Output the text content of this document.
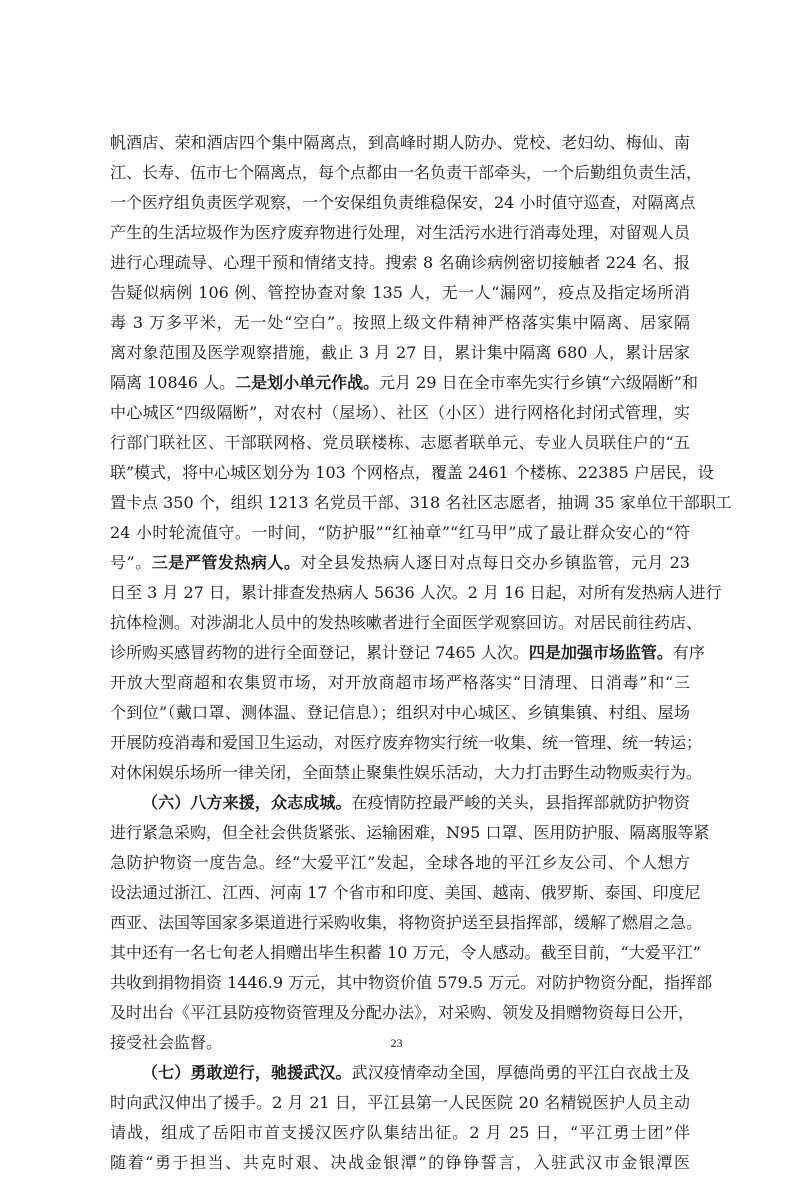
帆酒店、荣和酒店四个集中隔离点，到高峰时期人防办、党校、老妇幼、梅仙、南
江、长寿、伍市七个隔离点，每个点都由一名负责干部牵头，一个后勤组负责生活，
一个医疗组负责医学观察，一个安保组负责维稳保安，24 小时值守巡查，对隔离点
产生的生活垃圾作为医疗废弃物进行处理，对生活污水进行消毒处理，对留观人员
进行心理疏导、心理干预和情绪支持。搜索 8 名确诊病例密切接触者 224 名、报
告疑似病例 106 例、管控协查对象 135 人，无一人“漏网”，疫点及指定场所消
毒 3 万多平米，无一处“空白”。按照上级文件精神严格落实集中隔离、居家隔
离对象范围及医学观察措施，截止 3 月 27 日，累计集中隔离 680 人，累计居家
隔离 10846 人。二是划小单元作战。元月 29 日在全市率先实行乡镇“六级隔断”和
中心城区“四级隔断”，对农村（屋场）、社区（小区）进行网格化封闭式管理，实
行部门联社区、干部联网格、党员联楼栋、志愿者联单元、专业人员联住户的“五
联”模式，将中心城区划分为 103 个网格点，覆盖 2461 个楼栋、22385 户居民，设
置卡点 350 个，组织 1213 名党员干部、318 名社区志愿者，抽调 35 家单位干部职工
24 小时轮流值守。一时间，“防护服”“红袖章”“红马甲”成了最让群众安心的“符
号”。三是严管发热病人。对全县发热病人逐日对点每日交办乡镇监管，元月 23
日至 3 月 27 日，累计排查发热病人 5636 人次。2 月 16 日起，对所有发热病人进行
抗体检测。对涉湖北人员中的发热咳嗽者进行全面医学观察回访。对居民前往药店、
诊所购买感冒药物的进行全面登记，累计登记 7465 人次。四是加强市场监管。有序
开放大型商超和农集贸市场，对开放商超市场严格落实“日清理、日消毒”和“三
个到位”（戴口罩、测体温、登记信息）；组织对中心城区、乡镇集镇、村组、屋场
开展防疫消毒和爱国卫生运动，对医疗废弃物实行统一收集、统一管理、统一转运；
对休闲娱乐场所一律关闭，全面禁止聚集性娱乐活动，大力打击野生动物贩卖行为。
（六）八方来援，众志成城。在疫情防控最严峻的关头，县指挥部就防护物资
进行紧急采购，但全社会供货紧张、运输困难，N95 口罩、医用防护服、隔离服等紧
急防护物资一度告急。经“大爱平江”发起，全球各地的平江乡友公司、个人想方
设法通过浙江、江西、河南 17 个省市和印度、美国、越南、俄罗斯、泰国、印度尼
西亚、法国等国家多渠道进行采购收集，将物资护送至县指挥部，缓解了燃眉之急。
其中还有一名七旬老人捐赠出毕生积蓄 10 万元，令人感动。截至目前，“大爱平江”
共收到捐物捐资 1446.9 万元，其中物资价值 579.5 万元。对防护物资分配，指挥部
及时出台《平江县防疫物资管理及分配办法》，对采购、领发及捐赠物资每日公开，
接受社会监督。
（七）勇敢逆行，驰援武汉。武汉疫情牵动全国，厚德尚勇的平江白衣战士及
时向武汉伸出了援手。2 月 21 日，平江县第一人民医院 20 名精锐医护人员主动
请战，组成了岳阳市首支援汉医疗队集结出征。2 月 25 日，“平江勇士团”伴
随着“勇于担当、共克时艰、决战金银潭”的铮铮誓言，入驻武汉市金银潭医
23
